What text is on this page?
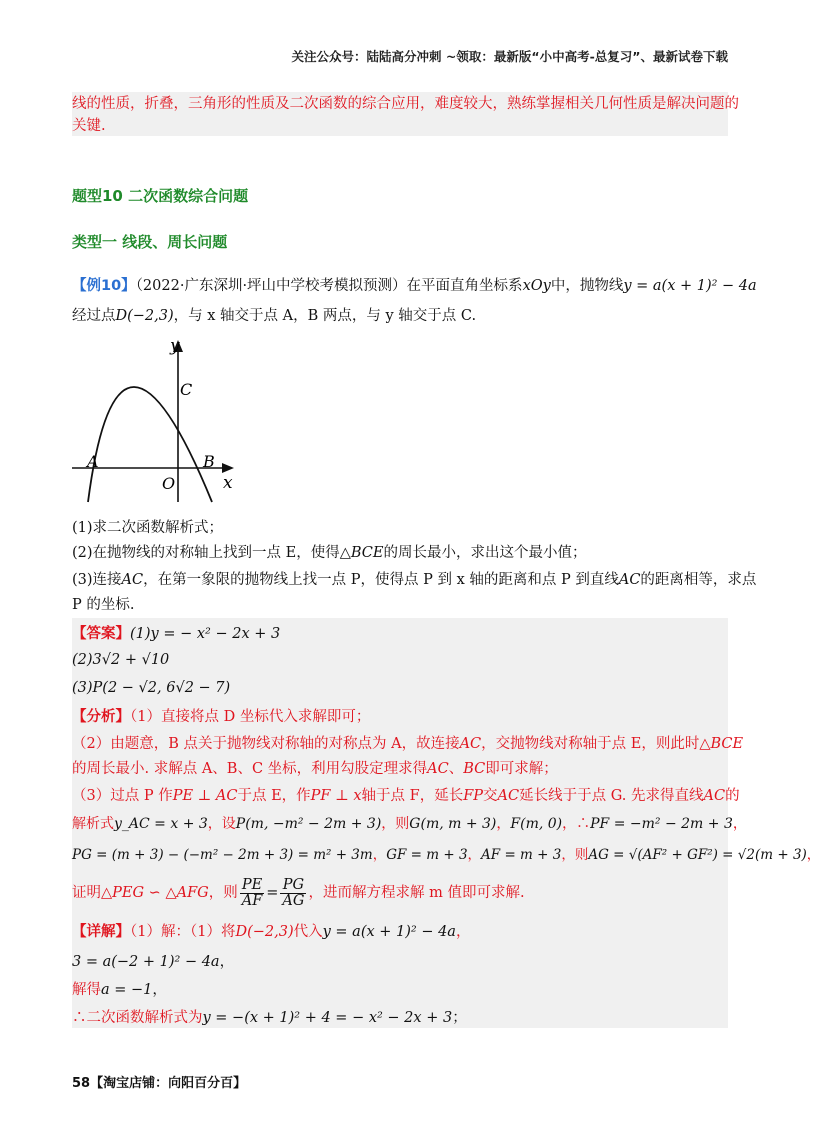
关注公众号：陆陆高分冲刺 ~领取：最新版“小中高考-总复习”、最新试卷下载
线的性质，折叠，三角形的性质及二次函数的综合应用，难度较大，熟练掌握相关几何性质是解决问题的
关键.
题型10 二次函数综合问题
类型一 线段、周长问题
【例10】（2022·广东深圳·坪山中学校考模拟预测）在平面直角坐标系xOy中，抛物线y = a(x + 1)² − 4a
经过点D(−2,3)，与 x 轴交于点 A，B 两点，与 y 轴交于点 C.
y
x
O
A	B
C
(1)求二次函数解析式；
(2)在抛物线的对称轴上找到一点 E，使得△BCE的周长最小，求出这个最小值；
(3)连接AC，在第一象限的抛物线上找一点 P，使得点 P 到 x 轴的距离和点 P 到直线AC的距离相等，求点
P 的坐标.
【答案】(1)y = − x² − 2x + 3
(2)3√2 + √10
(3)P(2 − √2, 6√2 − 7)
【分析】（1）直接将点 D 坐标代入求解即可；
（2）由题意，B 点关于抛物线对称轴的对称点为 A，故连接AC，交抛物线对称轴于点 E，则此时△BCE
的周长最小. 求解点 A、B、C 坐标，利用勾股定理求得AC、BC即可求解；
（3）过点 P 作PE ⊥ AC于点 E，作PF ⊥ x轴于点 F，延长FP交AC延长线于于点 G. 先求得直线AC的
解析式y_AC = x + 3，设P(m, −m² − 2m + 3)，则G(m, m + 3)，F(m, 0)，∴PF = −m² − 2m + 3，
PG = (m + 3) − (−m² − 2m + 3) = m² + 3m，GF = m + 3，AF = m + 3，则AG = √(AF² + GF²) = √2(m + 3)，
证明△PEG ∽ △AFG，则 $\frac{PE}{AF} = \frac{PG}{AG}$ ，进而解方程求解 m 值即可求解.
【详解】（1）解：（1）将D(−2,3)代入y = a(x + 1)² − 4a，
3 = a(−2 + 1)² − 4a，
解得a = −1，
∴二次函数解析式为y = −(x + 1)² + 4 = − x² − 2x + 3；
58【淘宝店铺：向阳百分百】
